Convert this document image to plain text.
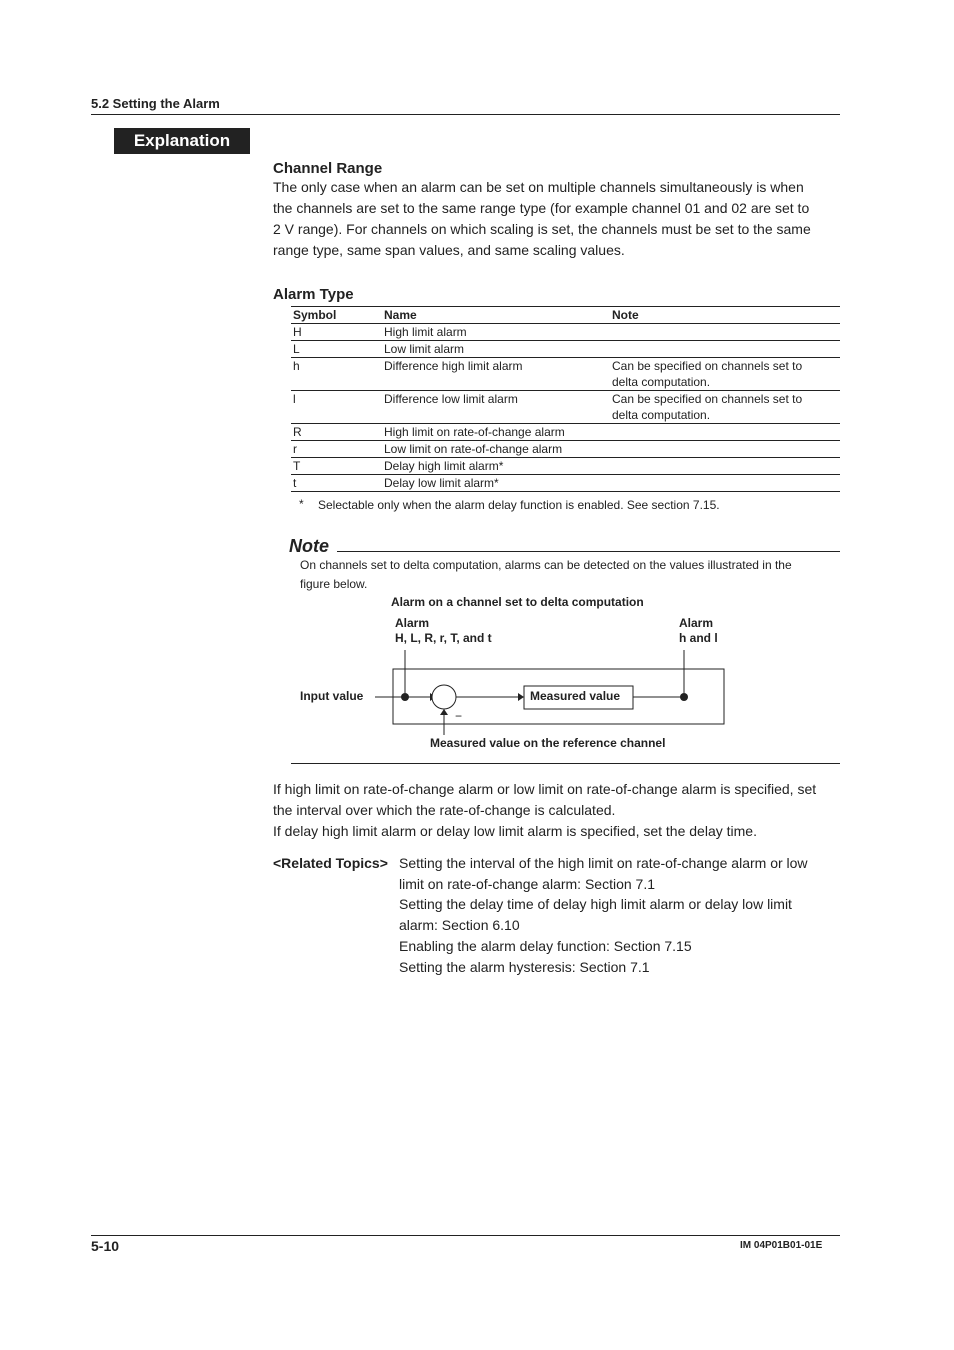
5.2 Setting the Alarm
Explanation
Channel Range
The only case when an alarm can be set on multiple channels simultaneously is when
the channels are set to the same range type (for example channel 01 and 02 are set to
2 V range). For channels on which scaling is set, the channels must be set to the same
range type, same span values, and same scaling values.
Alarm Type
Symbol	Name	Note
H	High limit alarm	

L	Low limit alarm	

h	Difference high limit alarm	Can be specified on channels set to
delta computation.

l	Difference low limit alarm	Can be specified on channels set to
delta computation.

R	High limit on rate-of-change alarm	

r	Low limit on rate-of-change alarm	

T	Delay high limit alarm*	

t	Delay low limit alarm*	
* Selectable only when the alarm delay function is enabled. See section 7.15.
Note
On channels set to delta computation, alarms can be detected on the values illustrated in the
figure below.
Alarm on a channel set to delta computation
Alarm
H, L, R, r, T, and t
Alarm
h and l
Input value	Measured value
−
Measured value on the reference channel
If high limit on rate-of-change alarm or low limit on rate-of-change alarm is specified, set
the interval over which the rate-of-change is calculated.
If delay high limit alarm or delay low limit alarm is specified, set the delay time.
<Related Topics> Setting the interval of the high limit on rate-of-change alarm or low
limit on rate-of-change alarm: Section 7.1
Setting the delay time of delay high limit alarm or delay low limit
alarm: Section 6.10
Enabling the alarm delay function: Section 7.15
Setting the alarm hysteresis: Section 7.1
5-10	IM 04P01B01-01E
